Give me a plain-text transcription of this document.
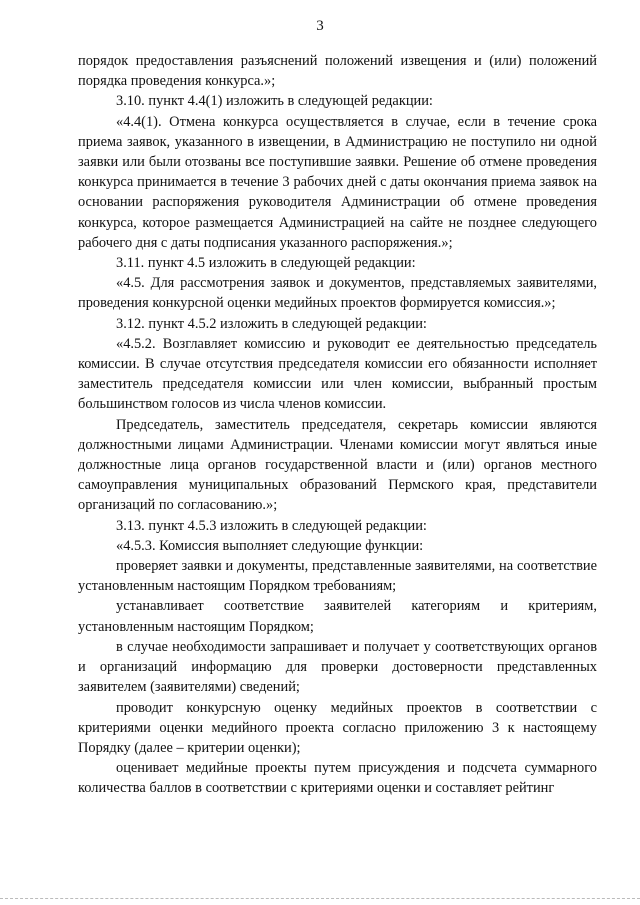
3

порядок предоставления разъяснений положений извещения и (или) положений порядка проведения конкурса.»;

3.10. пункт 4.4(1) изложить в следующей редакции:

«4.4(1). Отмена конкурса осуществляется в случае, если в течение срока приема заявок, указанного в извещении, в Администрацию не поступило ни одной заявки или были отозваны все поступившие заявки. Решение об отмене проведения конкурса принимается в течение 3 рабочих дней с даты окончания приема заявок на основании распоряжения руководителя Администрации об отмене проведения конкурса, которое размещается Администрацией на сайте не позднее следующего рабочего дня с даты подписания указанного распоряжения.»;

3.11. пункт 4.5 изложить в следующей редакции:

«4.5. Для рассмотрения заявок и документов, представляемых заявителями, проведения конкурсной оценки медийных проектов формируется комиссия.»;

3.12. пункт 4.5.2 изложить в следующей редакции:

«4.5.2. Возглавляет комиссию и руководит ее деятельностью председатель комиссии. В случае отсутствия председателя комиссии его обязанности исполняет заместитель председателя комиссии или член комиссии, выбранный простым большинством голосов из числа членов комиссии.

Председатель, заместитель председателя, секретарь комиссии являются должностными лицами Администрации. Членами комиссии могут являться иные должностные лица органов государственной власти и (или) органов местного самоуправления муниципальных образований Пермского края, представители организаций по согласованию.»;

3.13. пункт 4.5.3 изложить в следующей редакции:

«4.5.3. Комиссия выполняет следующие функции:

проверяет заявки и документы, представленные заявителями, на соответствие установленным настоящим Порядком требованиям;

устанавливает соответствие заявителей категориям и критериям, установленным настоящим Порядком;

в случае необходимости запрашивает и получает у соответствующих органов и организаций информацию для проверки достоверности представленных заявителем (заявителями) сведений;

проводит конкурсную оценку медийных проектов в соответствии с критериями оценки медийного проекта согласно приложению 3 к настоящему Порядку (далее – критерии оценки);

оценивает медийные проекты путем присуждения и подсчета суммарного количества баллов в соответствии с критериями оценки и составляет рейтинг
